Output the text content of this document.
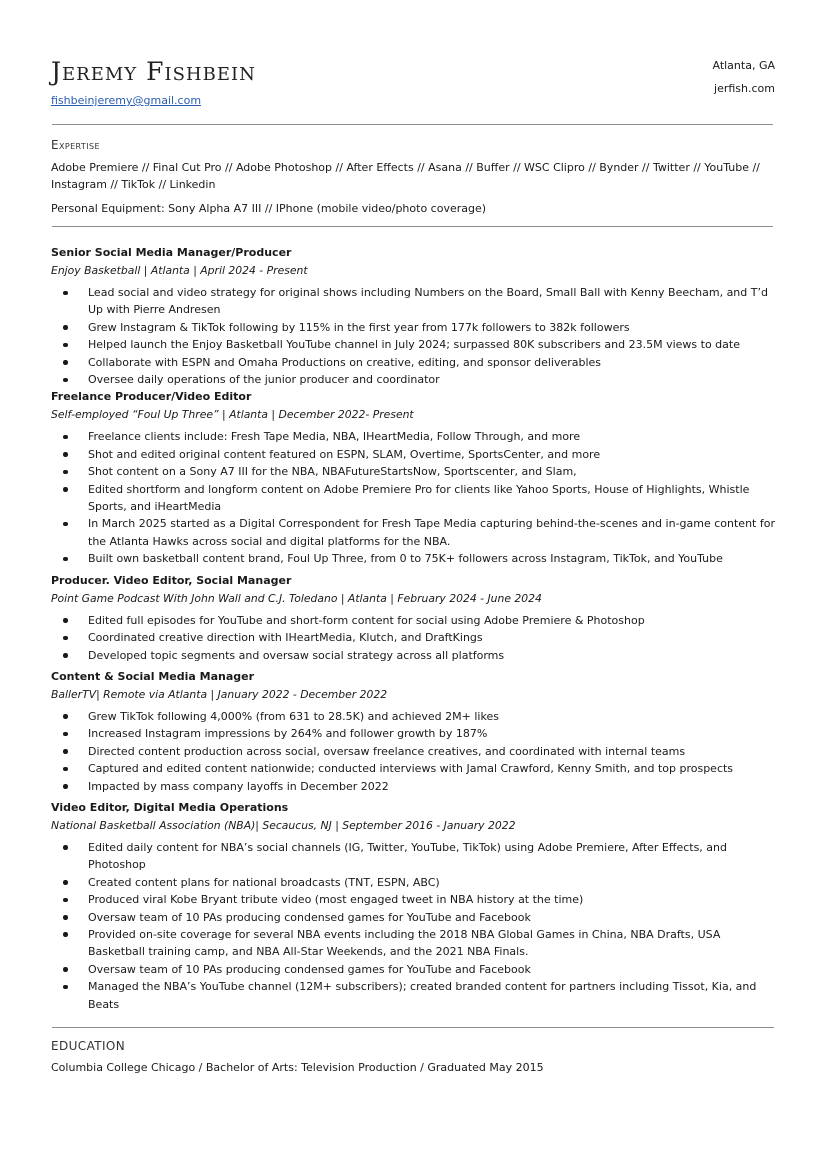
Jeremy Fishbein
fishbeinjeremy@gmail.com
Atlanta, GA
jerfish.com
Expertise
Adobe Premiere // Final Cut Pro // Adobe Photoshop // After Effects // Asana // Buffer // WSC Clipro // Bynder // Twitter // YouTube // Instagram // TikTok // Linkedin
Personal Equipment: Sony Alpha A7 III // IPhone (mobile video/photo coverage)

Senior Social Media Manager/Producer

Enjoy Basketball | Atlanta | April 2024 - Present

Lead social and video strategy for original shows including Numbers on the Board, Small Ball with Kenny Beecham, and T’d Up with Pierre Andresen
Grew Instagram & TikTok following by 115% in the first year from 177k followers to 382k followers
Helped launch the Enjoy Basketball YouTube channel in July 2024; surpassed 80K subscribers and 23.5M views to date
Collaborate with ESPN and Omaha Productions on creative, editing, and sponsor deliverables
Oversee daily operations of the junior producer and coordinator

Freelance Producer/Video Editor

Self-employed “Foul Up Three” | Atlanta | December 2022- Present

Freelance clients include: Fresh Tape Media, NBA, IHeartMedia, Follow Through, and more
Shot and edited original content featured on ESPN, SLAM, Overtime, SportsCenter, and more
Shot content on a Sony A7 III for the NBA, NBAFutureStartsNow, Sportscenter, and Slam,
Edited shortform and longform content on Adobe Premiere Pro for clients like Yahoo Sports, House of Highlights, Whistle Sports, and iHeartMedia
In March 2025 started as a Digital Correspondent for Fresh Tape Media capturing behind-the-scenes and in-game content for the Atlanta Hawks across social and digital platforms for the NBA.
Built own basketball content brand, Foul Up Three, from 0 to 75K+ followers across Instagram, TikTok, and YouTube

Producer. Video Editor, Social Manager

Point Game Podcast With John Wall and C.J. Toledano | Atlanta | February 2024 - June 2024

Edited full episodes for YouTube and short-form content for social using Adobe Premiere & Photoshop
Coordinated creative direction with IHeartMedia, Klutch, and DraftKings
Developed topic segments and oversaw social strategy across all platforms

Content & Social Media Manager

BallerTV| Remote via Atlanta | January 2022 - December 2022

Grew TikTok following 4,000% (from 631 to 28.5K) and achieved 2M+ likes
Increased Instagram impressions by 264% and follower growth by 187%
Directed content production across social, oversaw freelance creatives, and coordinated with internal teams
Captured and edited content nationwide; conducted interviews with Jamal Crawford, Kenny Smith, and top prospects
Impacted by mass company layoffs in December 2022

Video Editor, Digital Media Operations

National Basketball Association (NBA)| Secaucus, NJ | September 2016 - January 2022

Edited daily content for NBA’s social channels (IG, Twitter, YouTube, TikTok) using Adobe Premiere, After Effects, and Photoshop
Created content plans for national broadcasts (TNT, ESPN, ABC)
Produced viral Kobe Bryant tribute video (most engaged tweet in NBA history at the time)
Oversaw team of 10 PAs producing condensed games for YouTube and Facebook
Provided on-site coverage for several NBA events including the 2018 NBA Global Games in China, NBA Drafts, USA Basketball training camp, and NBA All-Star Weekends, and the 2021 NBA Finals.
Oversaw team of 10 PAs producing condensed games for YouTube and Facebook
Managed the NBA’s YouTube channel (12M+ subscribers); created branded content for partners including Tissot, Kia, and Beats
EDUCATION
Columbia College Chicago / Bachelor of Arts: Television Production / Graduated May 2015
